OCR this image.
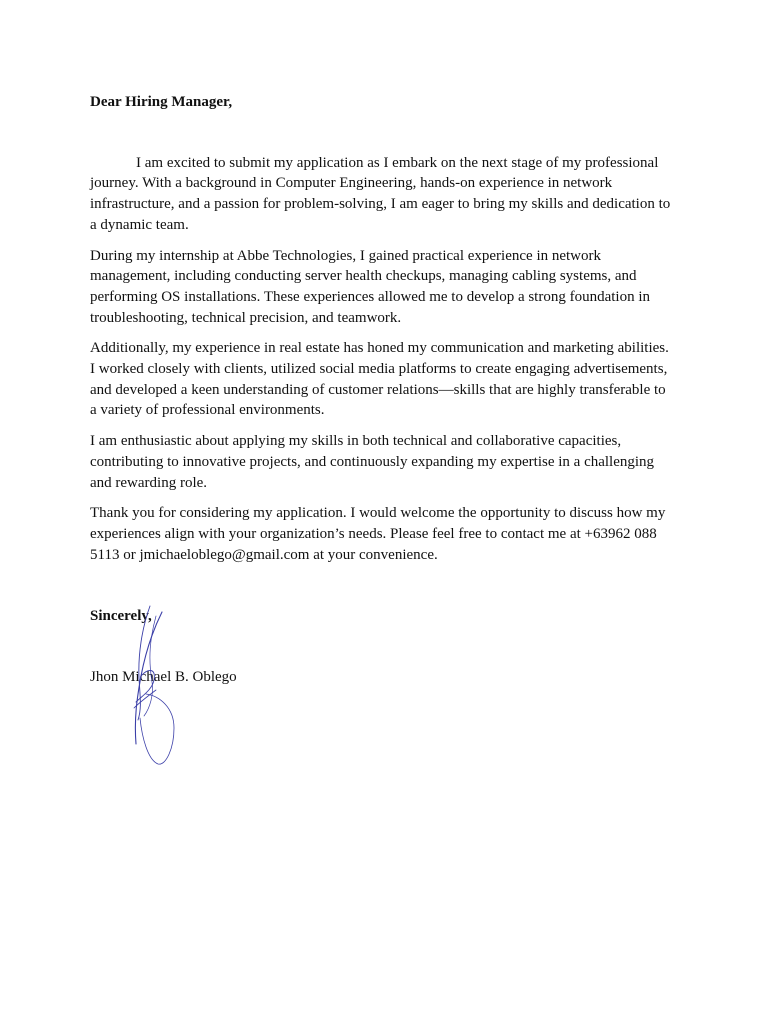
Dear Hiring Manager,

I am excited to submit my application as I embark on the next stage of my professional journey. With a background in Computer Engineering, hands-on experience in network infrastructure, and a passion for problem-solving, I am eager to bring my skills and dedication to a dynamic team.

During my internship at Abbe Technologies, I gained practical experience in network management, including conducting server health checkups, managing cabling systems, and performing OS installations. These experiences allowed me to develop a strong foundation in troubleshooting, technical precision, and teamwork.

Additionally, my experience in real estate has honed my communication and marketing abilities. I worked closely with clients, utilized social media platforms to create engaging advertisements, and developed a keen understanding of customer relations—skills that are highly transferable to a variety of professional environments.

I am enthusiastic about applying my skills in both technical and collaborative capacities, contributing to innovative projects, and continuously expanding my expertise in a challenging and rewarding role.

Thank you for considering my application. I would welcome the opportunity to discuss how my experiences align with your organization’s needs. Please feel free to contact me at +63962 088 5113 or jmichaeloblego@gmail.com at your convenience.

Sincerely,

Jhon Michael B. Oblego
